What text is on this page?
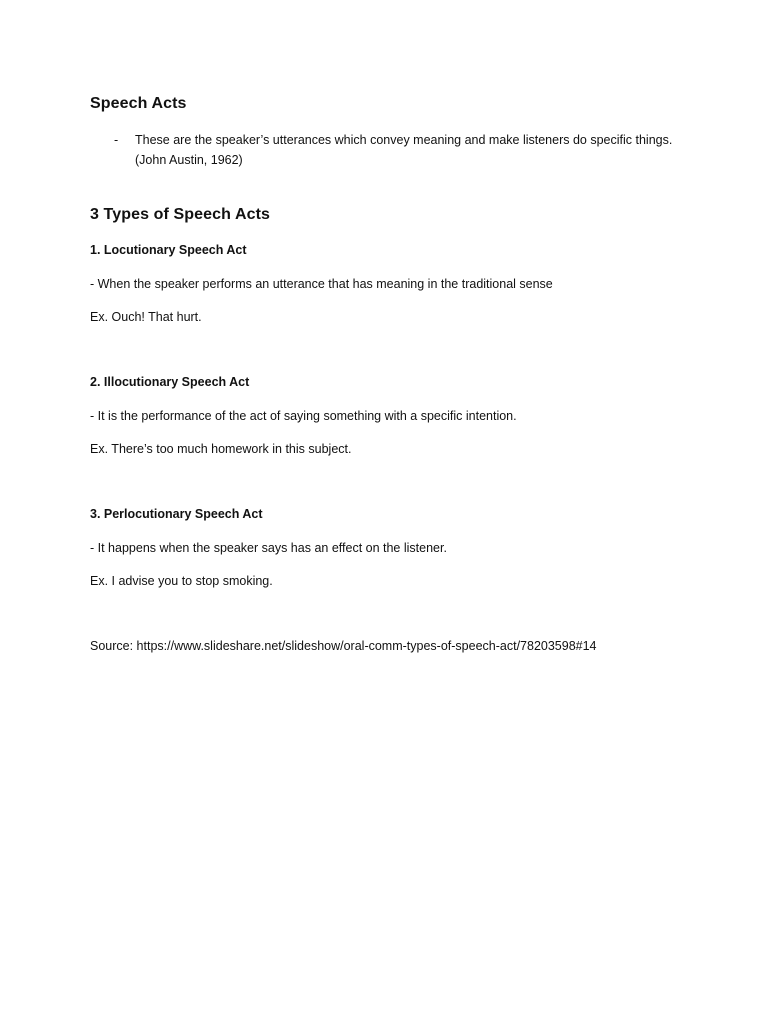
Speech Acts
- These are the speaker’s utterances which convey meaning and make listeners do specific things.
(John Austin, 1962)
3 Types of Speech Acts
1. Locutionary Speech Act
- When the speaker performs an utterance that has meaning in the traditional sense
Ex. Ouch! That hurt.
2. Illocutionary Speech Act
- It is the performance of the act of saying something with a specific intention.
Ex. There’s too much homework in this subject.
3. Perlocutionary Speech Act
- It happens when the speaker says has an effect on the listener.
Ex. I advise you to stop smoking.
Source: https://www.slideshare.net/slideshow/oral-comm-types-of-speech-act/78203598#14
